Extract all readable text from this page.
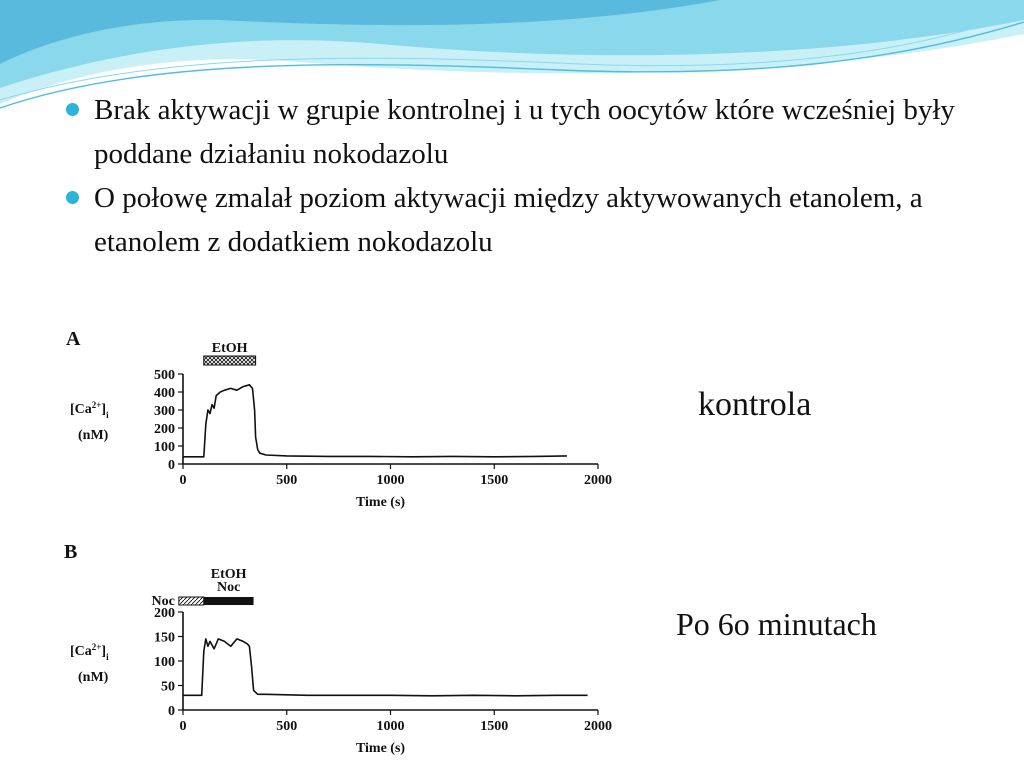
Brak aktywacji w grupie kontrolnej i u tych oocytów które wcześniej były poddane działaniu nokodazolu
O połowę zmalał poziom aktywacji między aktywowanych etanolem, a etanolem z dodatkiem nokodazolu
A
0
100
200
300
400
500
0	500	1000	1500	2000
Time (s)
$[Ca^{2+}]_i$
(nM)
EtOH
B
0
50
100
150
200
0	500	1000	1500	2000
Time (s)
$[Ca^{2+}]_i$
(nM)
Noc
EtOH
Noc
kontrola
Po 6o minutach
